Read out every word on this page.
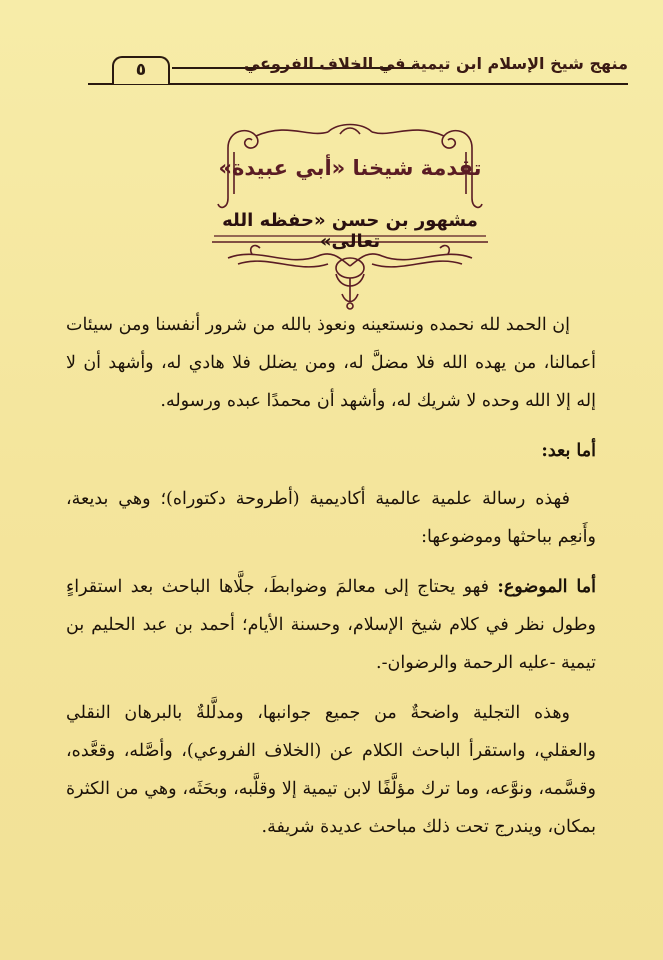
٥	منهج شيخ الإسلام ابن تيمية في الخلاف الفروعي
تقدمة شيخنا «أبي عبيدة»
مشهور بن حسن «حفظه الله تعالى»

إن الحمد لله نحمده ونستعينه ونعوذ بالله من شرور أنفسنا ومن سيئات أعمالنا، من يهده الله فلا مضلَّ له، ومن يضلل فلا هادي له، وأشهد أن لا إله إلا الله وحده لا شريك له، وأشهد أن محمدًا عبده ورسوله.

أما بعد:

فهذه رسالة علمية عالمية أكاديمية (أطروحة دكتوراه)؛ وهي بديعة، وأَنعِم بباحثها وموضوعها:

أما الموضوع: فهو يحتاج إلى معالمَ وضوابطَ، جلَّاها الباحث بعد استقراءٍ وطول نظر في كلام شيخ الإسلام، وحسنة الأيام؛ أحمد بن عبد الحليم بن تيمية -عليه الرحمة والرضوان-.

وهذه التجلية واضحةٌ من جميع جوانبها، ومدلَّلةٌ بالبرهان النقلي والعقلي، واستقرأ الباحث الكلام عن (الخلاف الفروعي)، وأصَّله، وقعَّده، وقسَّمه، ونوَّعه، وما ترك مؤلَّفًا لابن تيمية إلا وقلَّبه، وبحَثَه، وهي من الكثرة بمكان، ويندرج تحت ذلك مباحث عديدة شريفة.
